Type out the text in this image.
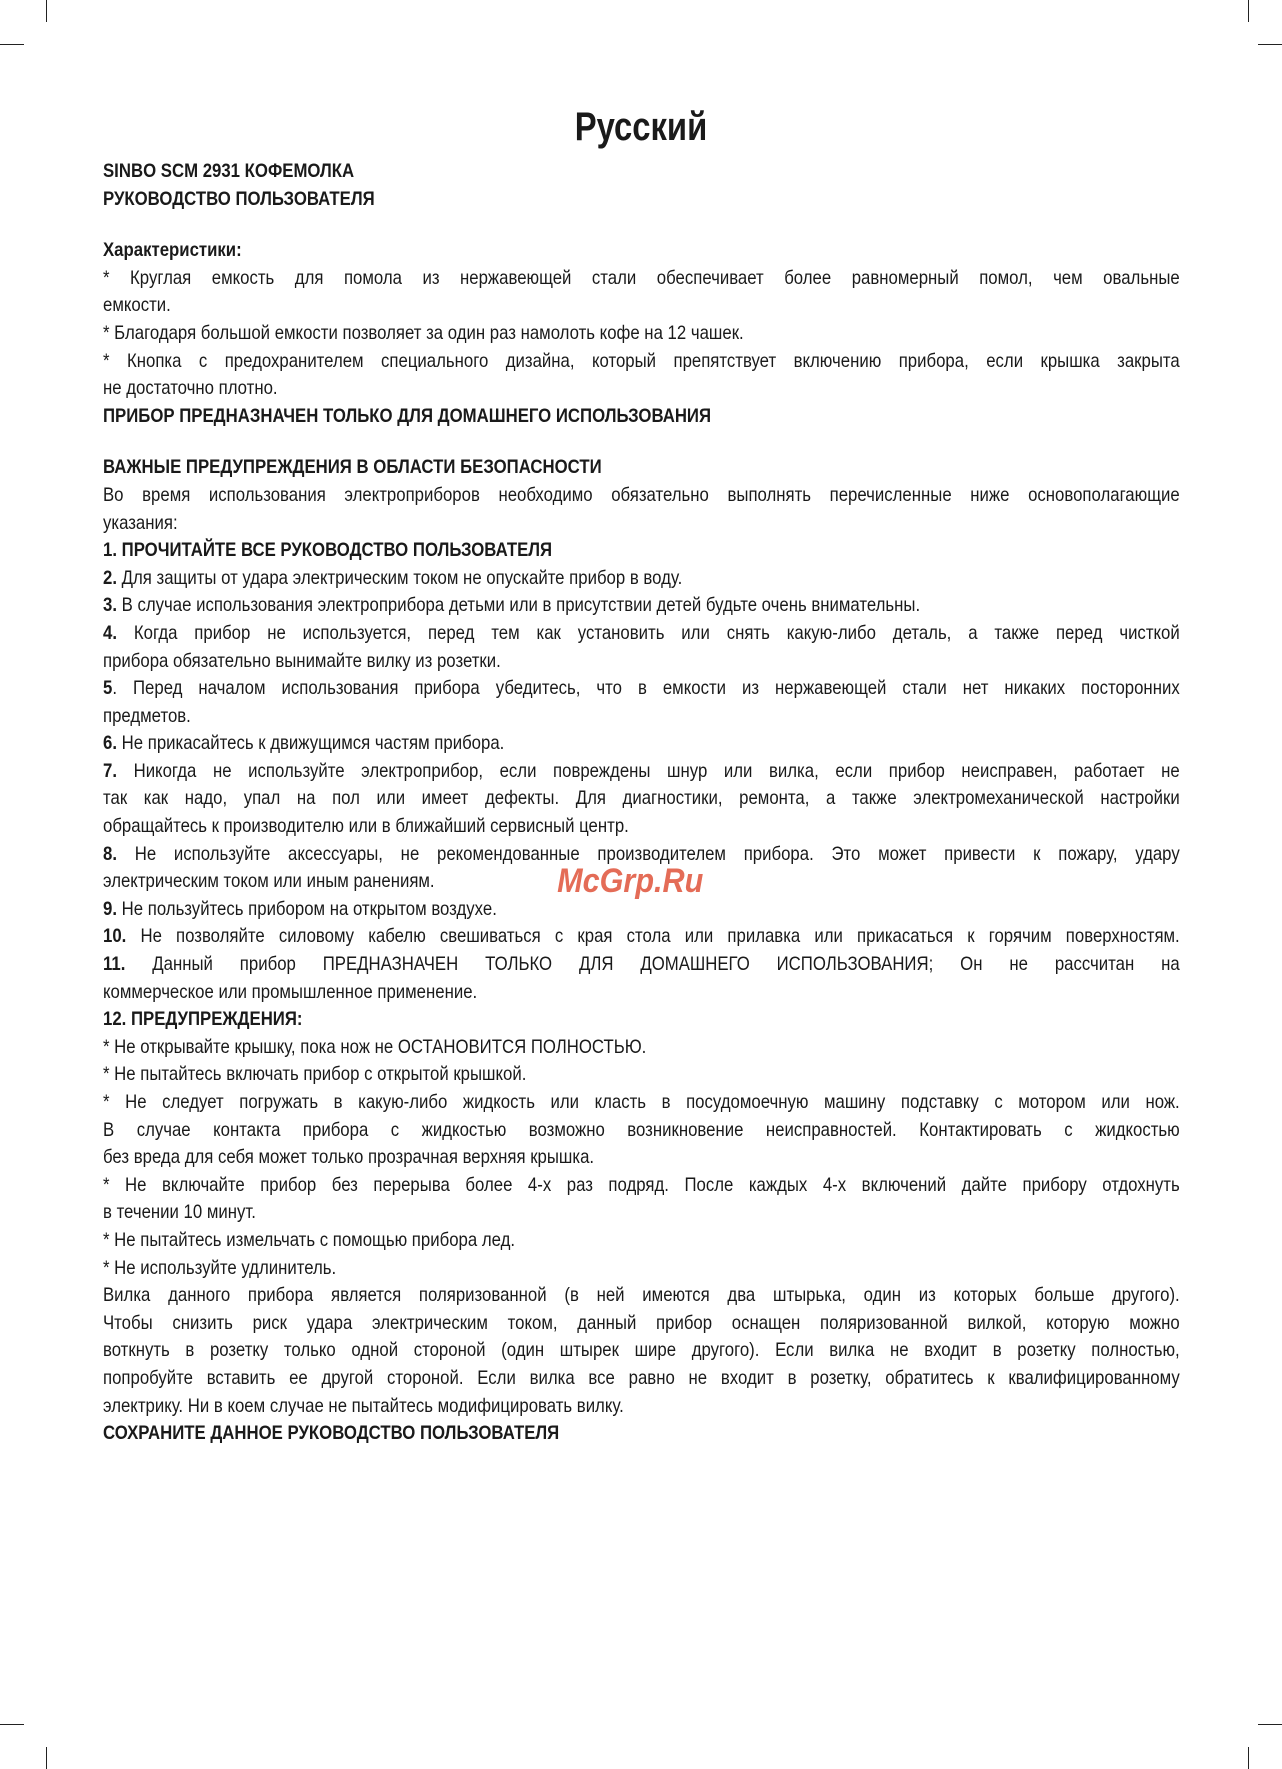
Русский
SINBO SCM 2931 КОФЕМОЛКА
РУКОВОДСТВО ПОЛЬЗОВАТЕЛЯ
Характеристики:
* Круглая емкость для помола из нержавеющей стали обеспечивает более равномерный помол, чем овальные
емкости.
* Благодаря большой емкости позволяет за один раз намолоть кофе на 12 чашек.
* Кнопка с предохранителем специального дизайна, который препятствует включению прибора, если крышка закрыта
не достаточно плотно.
ПРИБОР ПРЕДНАЗНАЧЕН ТОЛЬКО ДЛЯ ДОМАШНЕГО ИСПОЛЬЗОВАНИЯ
ВАЖНЫЕ ПРЕДУПРЕЖДЕНИЯ В ОБЛАСТИ БЕЗОПАСНОСТИ
Во время использования электроприборов необходимо обязательно выполнять перечисленные ниже основополагающие
указания:
1. ПРОЧИТАЙТЕ ВСЕ РУКОВОДСТВО ПОЛЬЗОВАТЕЛЯ
2. Для защиты от удара электрическим током не опускайте прибор в воду.
3. В случае использования электроприбора детьми или в присутствии детей будьте очень внимательны.
4. Когда прибор не используется, перед тем как установить или снять какую-либо деталь, а также перед чисткой
прибора обязательно вынимайте вилку из розетки.
5. Перед началом использования прибора убедитесь, что в емкости из нержавеющей стали нет никаких посторонних
предметов.
6. Не прикасайтесь к движущимся частям прибора.
7. Никогда не используйте электроприбор, если повреждены шнур или вилка, если прибор неисправен, работает не
так как надо, упал на пол или имеет дефекты. Для диагностики, ремонта, а также электромеханической настройки
обращайтесь к производителю или в ближайший сервисный центр.
8. Не используйте аксессуары, не рекомендованные производителем прибора. Это может привести к пожару, удару
электрическим током или иным ранениям.
9. Не пользуйтесь прибором на открытом воздухе.
10. Не позволяйте силовому кабелю свешиваться с края стола или прилавка или прикасаться к горячим поверхностям.
11. Данный прибор ПРЕДНАЗНАЧЕН ТОЛЬКО ДЛЯ ДОМАШНЕГО ИСПОЛЬЗОВАНИЯ; Он не рассчитан на
коммерческое или промышленное применение.
12. ПРЕДУПРЕЖДЕНИЯ:
* Не открывайте крышку, пока нож не ОСТАНОВИТСЯ ПОЛНОСТЬЮ.
* Не пытайтесь включать прибор с открытой крышкой.
* Не следует погружать в какую-либо жидкость или класть в посудомоечную машину подставку с мотором или нож.
В случае контакта прибора с жидкостью возможно возникновение неисправностей. Контактировать с жидкостью
без вреда для себя может только прозрачная верхняя крышка.
* Не включайте прибор без перерыва более 4-х раз подряд. После каждых 4-х включений дайте прибору отдохнуть
в течении 10 минут.
* Не пытайтесь измельчать с помощью прибора лед.
* Не используйте удлинитель.
Вилка данного прибора является поляризованной (в ней имеются два штырька, один из которых больше другого).
Чтобы снизить риск удара электрическим током, данный прибор оснащен поляризованной вилкой, которую можно
воткнуть в розетку только одной стороной (один штырек шире другого). Если вилка не входит в розетку полностью,
попробуйте вставить ее другой стороной. Если вилка все равно не входит в розетку, обратитесь к квалифицированному
электрику. Ни в коем случае не пытайтесь модифицировать вилку.
СОХРАНИТЕ ДАННОЕ РУКОВОДСТВО ПОЛЬЗОВАТЕЛЯ
McGrp.Ru
